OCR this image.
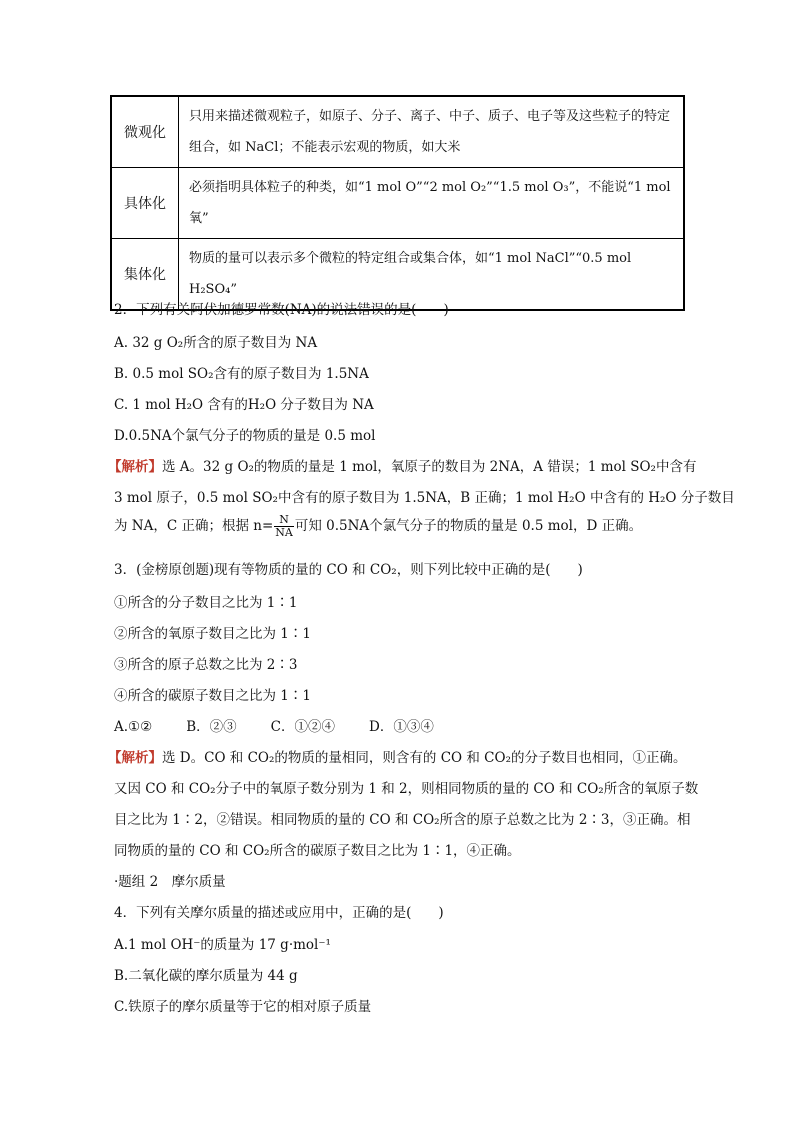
微观化	只用来描述微观粒子，如原子、分子、离子、中子、质子、电子等及这些粒子的特定组合，如 NaCl；不能表示宏观的物质，如大米
具体化	必须指明具体粒子的种类，如“1 mol O”“2 mol O₂”“1.5 mol O₃”，不能说“1 mol 氧”
集体化	物质的量可以表示多个微粒的特定组合或集合体，如“1 mol NaCl”“0.5 mol H₂SO₄”
2．下列有关阿伏加德罗常数(NA)的说法错误的是(　　)
A. 32 g O₂所含的原子数目为 NA
B. 0.5 mol SO₂含有的原子数目为 1.5NA
C. 1 mol H₂O 含有的H₂O 分子数目为 NA
D.0.5NA个氯气分子的物质的量是 0.5 mol
【解析】选 A。32 g O₂的物质的量是 1 mol，氧原子的数目为 2NA，A 错误；1 mol SO₂中含有
3 mol 原子，0.5 mol SO₂中含有的原子数目为 1.5NA，B 正确；1 mol H₂O 中含有的 H₂O 分子数目
为 NA，C 正确；根据 $n= \frac{N}{NA}$ 可知 0.5NA个氯气分子的物质的量是 0.5 mol，D 正确。
3．(金榜原创题)现有等物质的量的 CO 和 CO₂，则下列比较中正确的是(　　)
①所含的分子数目之比为 1∶1
②所含的氧原子数目之比为 1∶1
③所含的原子总数之比为 2∶3
④所含的碳原子数目之比为 1∶1
A.①②	B．②③	C．①②④	D．①③④
【解析】选 D。CO 和 CO₂的物质的量相同，则含有的 CO 和 CO₂的分子数目也相同，①正确。
又因 CO 和 CO₂分子中的氧原子数分别为 1 和 2，则相同物质的量的 CO 和 CO₂所含的氧原子数
目之比为 1∶2，②错误。相同物质的量的 CO 和 CO₂所含的原子总数之比为 2∶3，③正确。相
同物质的量的 CO 和 CO₂所含的碳原子数目之比为 1∶1，④正确。
·题组 2　摩尔质量
4．下列有关摩尔质量的描述或应用中，正确的是(　　)
A.1 mol OH⁻的质量为 17 g·mol⁻¹
B.二氧化碳的摩尔质量为 44 g
C.铁原子的摩尔质量等于它的相对原子质量
